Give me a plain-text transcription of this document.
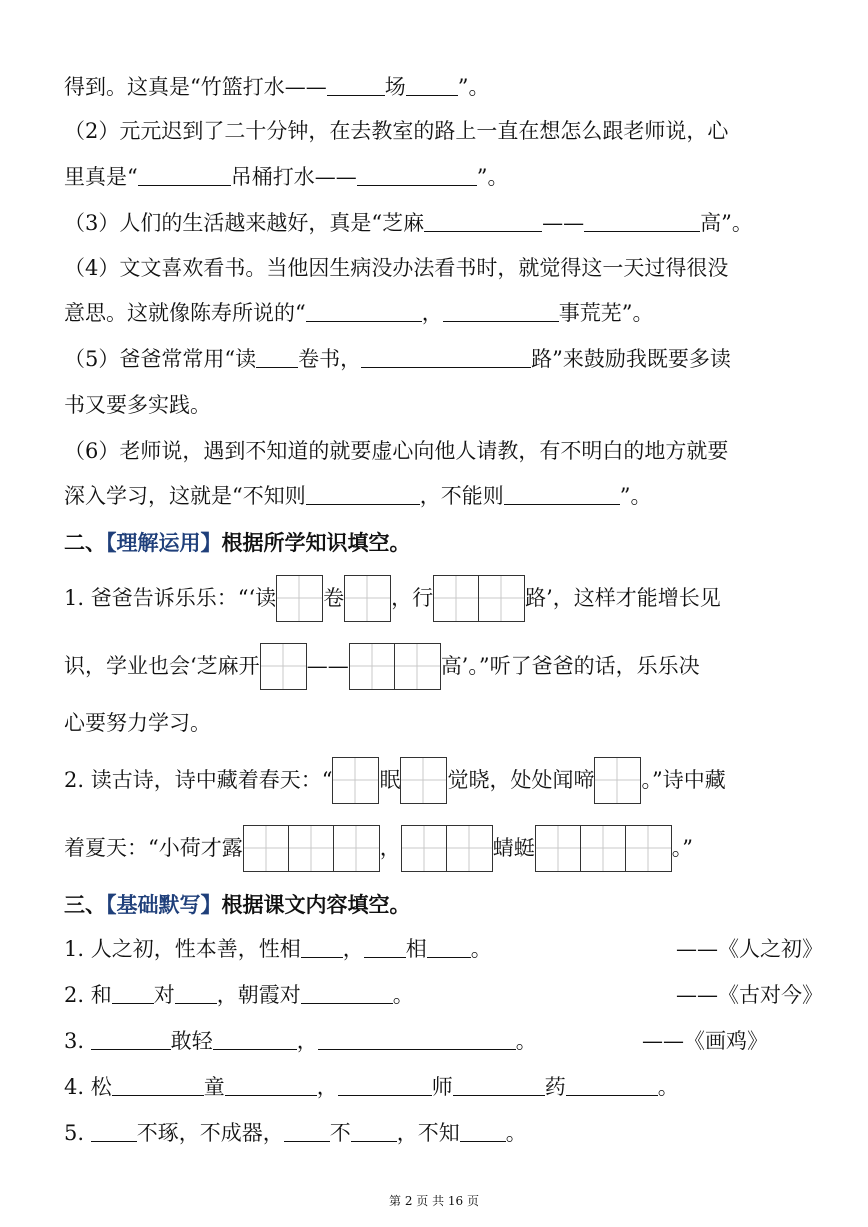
得到。这真是“竹篮打水——	场 ”。
（2）元元迟到了二十分钟，在去教室的路上一直在想怎么跟老师说，心
里真是“	吊桶打水——	”。
（3）人们的生活越来越好，真是“芝麻	——	高”。
（4）文文喜欢看书。当他因生病没办法看书时，就觉得这一天过得很没
意思。这就像陈寿所说的“	，	事荒芜”。
（5）爸爸常常用“读 卷书，	路”来鼓励我既要多读
书又要多实践。
（6）老师说，遇到不知道的就要虚心向他人请教，有不明白的地方就要
深入学习，这就是“不知则	，不能则	”。
二、【理解运用】根据所学知识填空。
1. 爸爸告诉乐乐：“‘读 卷 ，行	路’，这样才能增长见
识，学业也会‘芝麻开 ——	高’。”听了爸爸的话，乐乐决
心要努力学习。
2. 读古诗，诗中藏着春天：“ 眠 觉晓，处处闻啼 。”诗中藏
着夏天：“小荷才露	，	蜻蜓	。”
三、【基础默写】根据课文内容填空。
1. 人之初，性本善，性相 ， 相 。	——《人之初》
2. 和 对 ，朝霞对	。	——《古对今》
3.	敢轻	，	。	——《画鸡》
4. 松	童	，	师	药	。
5. 不琢，不成器， 不 ，不知 。
第 2 页 共 16 页
